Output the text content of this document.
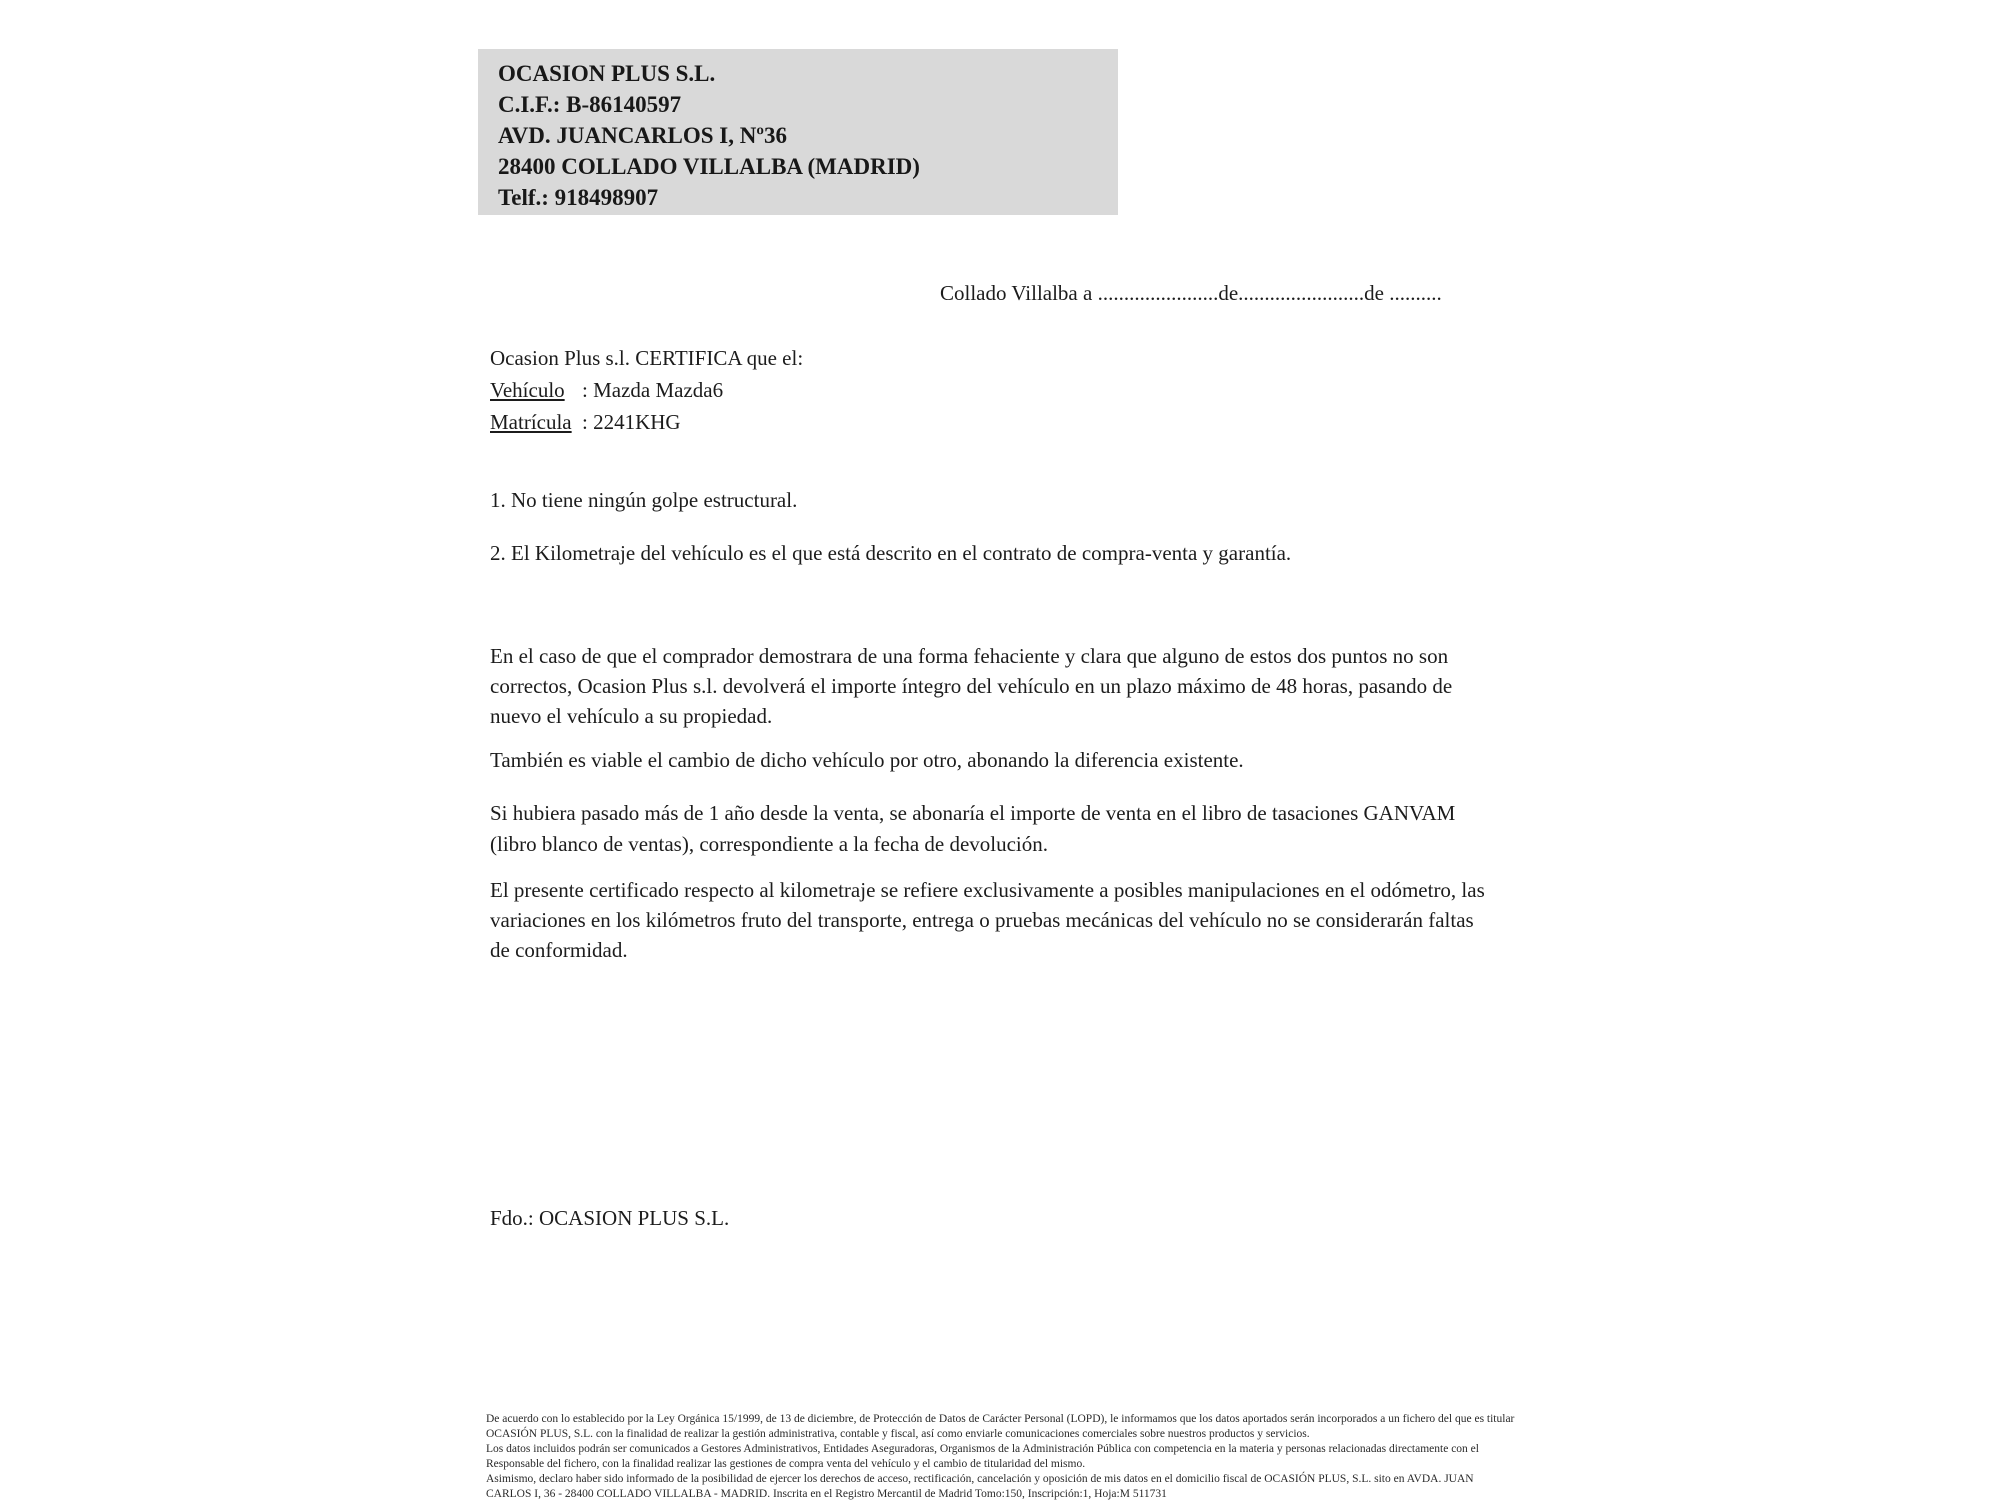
OCASION PLUS S.L.
C.I.F.: B-86140597
AVD. JUANCARLOS I, Nº36
28400 COLLADO VILLALBA (MADRID)
Telf.: 918498907
Collado Villalba a .......................de........................de ..........
Ocasion Plus s.l. CERTIFICA que el:
Vehículo : Mazda Mazda6
Matrícula : 2241KHG
1. No tiene ningún golpe estructural.
2. El Kilometraje del vehículo es el que está descrito en el contrato de compra-venta y garantía.
En el caso de que el comprador demostrara de una forma fehaciente y clara que alguno de estos dos puntos no son correctos, Ocasion Plus s.l. devolverá el importe íntegro del vehículo en un plazo máximo de 48 horas, pasando de nuevo el vehículo a su propiedad.
También es viable el cambio de dicho vehículo por otro, abonando la diferencia existente.
Si hubiera pasado más de 1 año desde la venta, se abonaría el importe de venta en el libro de tasaciones GANVAM (libro blanco de ventas), correspondiente a la fecha de devolución.
El presente certificado respecto al kilometraje se refiere exclusivamente a posibles manipulaciones en el odómetro, las variaciones en los kilómetros fruto del transporte, entrega o pruebas mecánicas del vehículo no se considerarán faltas de conformidad.
Fdo.: OCASION PLUS S.L.
De acuerdo con lo establecido por la Ley Orgánica 15/1999, de 13 de diciembre, de Protección de Datos de Carácter Personal (LOPD), le informamos que los datos aportados serán incorporados a un fichero del que es titular
OCASIÓN PLUS, S.L. con la finalidad de realizar la gestión administrativa, contable y fiscal, así como enviarle comunicaciones comerciales sobre nuestros productos y servicios.
Los datos incluidos podrán ser comunicados a Gestores Administrativos, Entidades Aseguradoras, Organismos de la Administración Pública con competencia en la materia y personas relacionadas directamente con el
Responsable del fichero, con la finalidad realizar las gestiones de compra venta del vehículo y el cambio de titularidad del mismo.
Asimismo, declaro haber sido informado de la posibilidad de ejercer los derechos de acceso, rectificación, cancelación y oposición de mis datos en el domicilio fiscal de OCASIÓN PLUS, S.L. sito en AVDA. JUAN
CARLOS I, 36 - 28400 COLLADO VILLALBA - MADRID. Inscrita en el Registro Mercantil de Madrid Tomo:150, Inscripción:1, Hoja:M 511731
